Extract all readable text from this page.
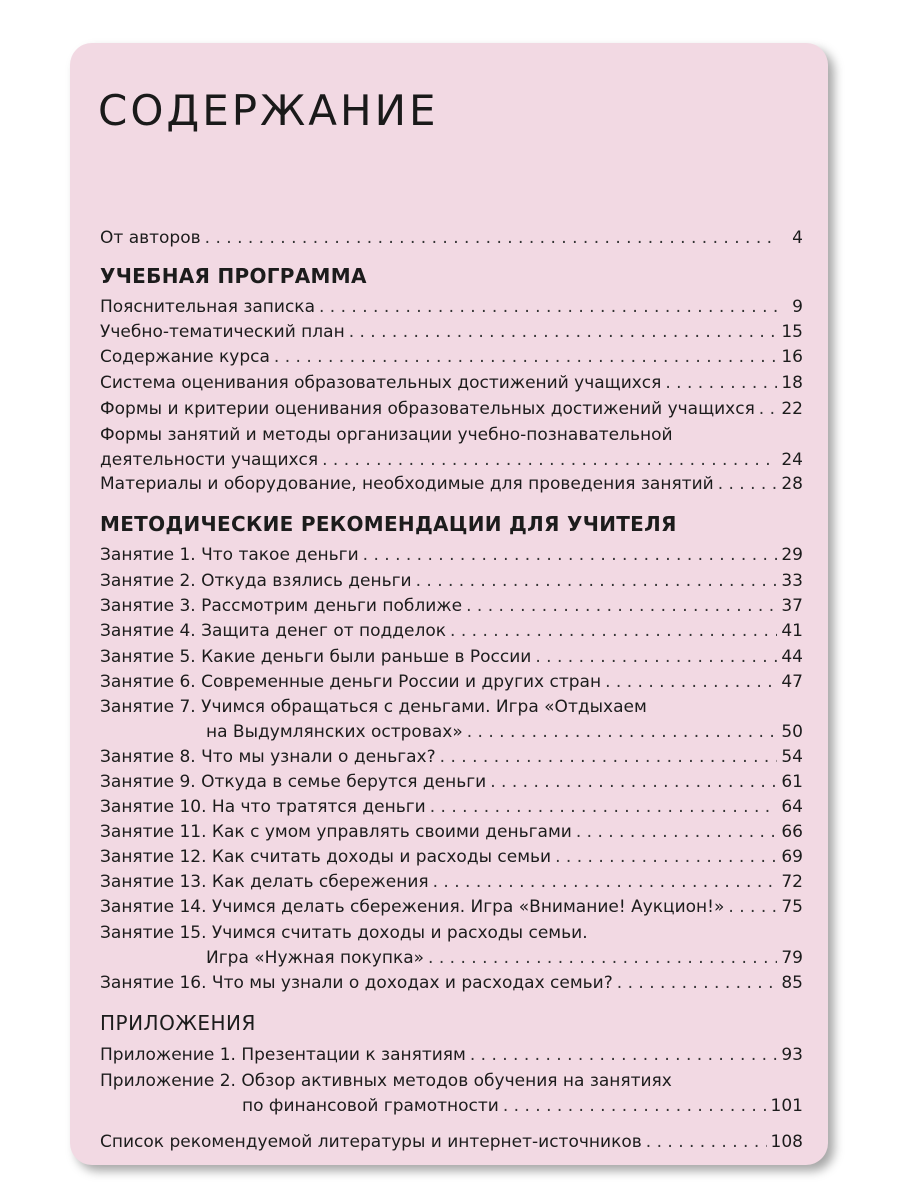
СОДЕРЖАНИЕ
От авторов . . .	4
УЧЕБНАЯ ПРОГРАММА
Пояснительная записка . . .	9
Учебно-тематический план . . .	15
Содержание курса . . .	16
Система оценивания образовательных достижений учащихся . . .	18
Формы и критерии оценивания образовательных достижений учащихся . . . 22
Формы занятий и методы организации учебно-познавательной
деятельности учащихся . . .	24
Материалы и оборудование, необходимые для проведения занятий . . .	28
МЕТОДИЧЕСКИЕ РЕКОМЕНДАЦИИ ДЛЯ УЧИТЕЛЯ
Занятие 1. Что такое деньги . . .	29
Занятие 2. Откуда взялись деньги . . .	33
Занятие 3. Рассмотрим деньги поближе . . .	37
Занятие 4. Защита денег от подделок . . .	41
Занятие 5. Какие деньги были раньше в России . . .	44
Занятие 6. Современные деньги России и других стран . . .	47
Занятие 7. Учимся обращаться с деньгами. Игра «Отдыхаем
на Выдумлянских островах» . . .	50
Занятие 8. Что мы узнали о деньгах? . . .	54
Занятие 9. Откуда в семье берутся деньги . . .	61
Занятие 10. На что тратятся деньги . . .	64
Занятие 11. Как с умом управлять своими деньгами . . .	66
Занятие 12. Как считать доходы и расходы семьи . . .	69
Занятие 13. Как делать сбережения . . .	72
Занятие 14. Учимся делать сбережения. Игра «Внимание! Аукцион!» . . .	75
Занятие 15. Учимся считать доходы и расходы семьи.
Игра «Нужная покупка» . . .	79
Занятие 16. Что мы узнали о доходах и расходах семьи? . . .	85
ПРИЛОЖЕНИЯ
Приложение 1. Презентации к занятиям . . .	93
Приложение 2. Обзор активных методов обучения на занятиях
по финансовой грамотности . . .	101
Список рекомендуемой литературы и интернет-источников . . .	108
